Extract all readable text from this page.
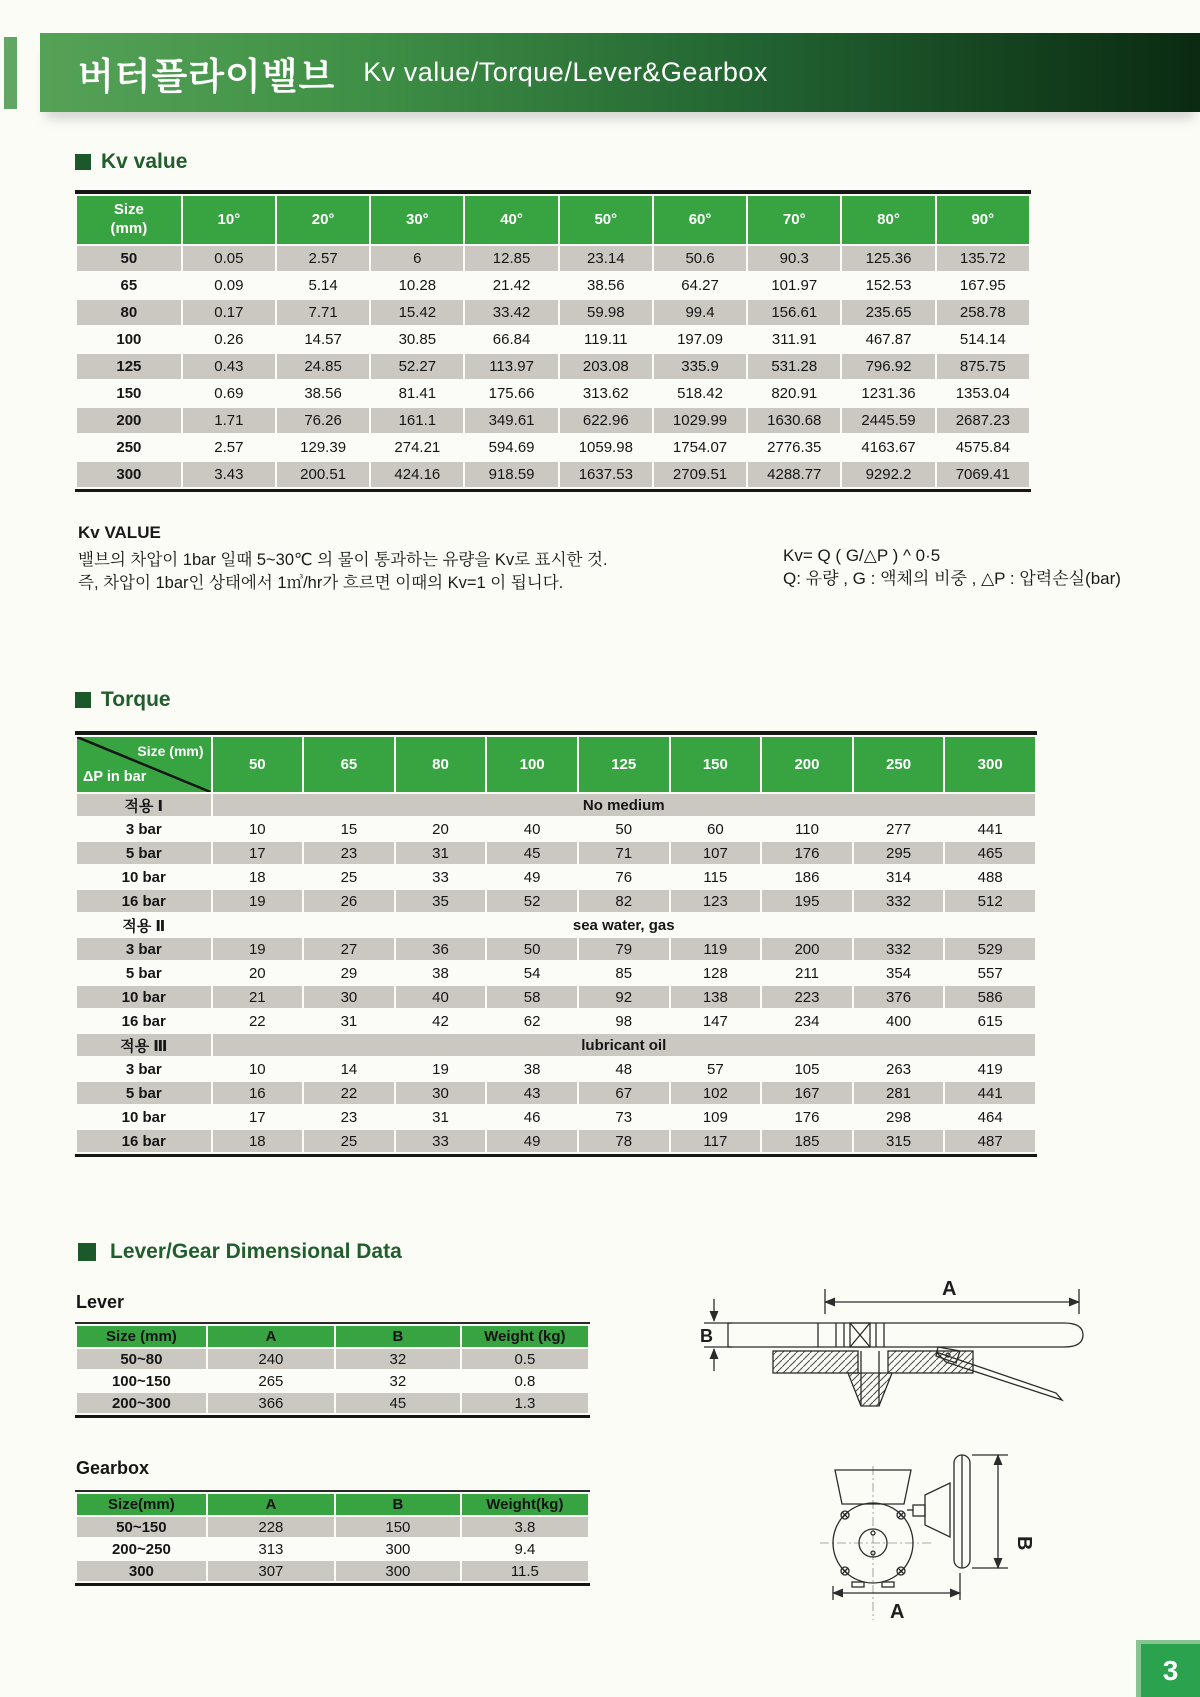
버터플라이밸브 Kv value/Torque/Lever&Gearbox
Kv value
Size
(mm)	10°	20°	30°	40°	50°	60°	70°	80°	90°
50	0.05	2.57	6	12.85	23.14	50.6	90.3	125.36	135.72
65	0.09	5.14	10.28	21.42	38.56	64.27	101.97	152.53	167.95
80	0.17	7.71	15.42	33.42	59.98	99.4	156.61	235.65	258.78
100	0.26	14.57	30.85	66.84	119.11	197.09	311.91	467.87	514.14
125	0.43	24.85	52.27	113.97	203.08	335.9	531.28	796.92	875.75
150	0.69	38.56	81.41	175.66	313.62	518.42	820.91	1231.36	1353.04
200	1.71	76.26	161.1	349.61	622.96	1029.99	1630.68	2445.59	2687.23
250	2.57	129.39	274.21	594.69	1059.98	1754.07	2776.35	4163.67	4575.84
300	3.43	200.51	424.16	918.59	1637.53	2709.51	4288.77	9292.2	7069.41
Kv VALUE
밸브의 차압이 1bar 일때 5~30℃ 의 물이 통과하는 유량을 Kv로 표시한 것.
즉, 차압이 1bar인 상태에서 1㎥/hr가 흐르면 이때의 Kv=1 이 됩니다.
Kv= Q ( G/△P ) ^ 0·5
Q: 유량 , G : 액체의 비중 , △P : 압력손실(bar)
Torque
Size (mm)
ΔP in bar	50	65	80	100	125	150	200	250	300
적용 Ⅰ	No medium								
3 bar	10	15	20	40	50	60	110	277	441
5 bar	17	23	31	45	71	107	176	295	465
10 bar	18	25	33	49	76	115	186	314	488
16 bar	19	26	35	52	82	123	195	332	512
적용 Ⅱ	sea water, gas								
3 bar	19	27	36	50	79	119	200	332	529
5 bar	20	29	38	54	85	128	211	354	557
10 bar	21	30	40	58	92	138	223	376	586
16 bar	22	31	42	62	98	147	234	400	615
적용 Ⅲ	lubricant oil								
3 bar	10	14	19	38	48	57	105	263	419
5 bar	16	22	30	43	67	102	167	281	441
10 bar	17	23	31	46	73	109	176	298	464
16 bar	18	25	33	49	78	117	185	315	487
Lever/Gear Dimensional Data
Lever
Size (mm)	A	B	Weight (kg)
50~80	240	32	0.5
100~150	265	32	0.8
200~300	366	45	1.3
Gearbox
Size(mm)	A	B	Weight(kg)
50~150	228	150	3.8
200~250	313	300	9.4
300	307	300	11.5
A
B
B
A
3
